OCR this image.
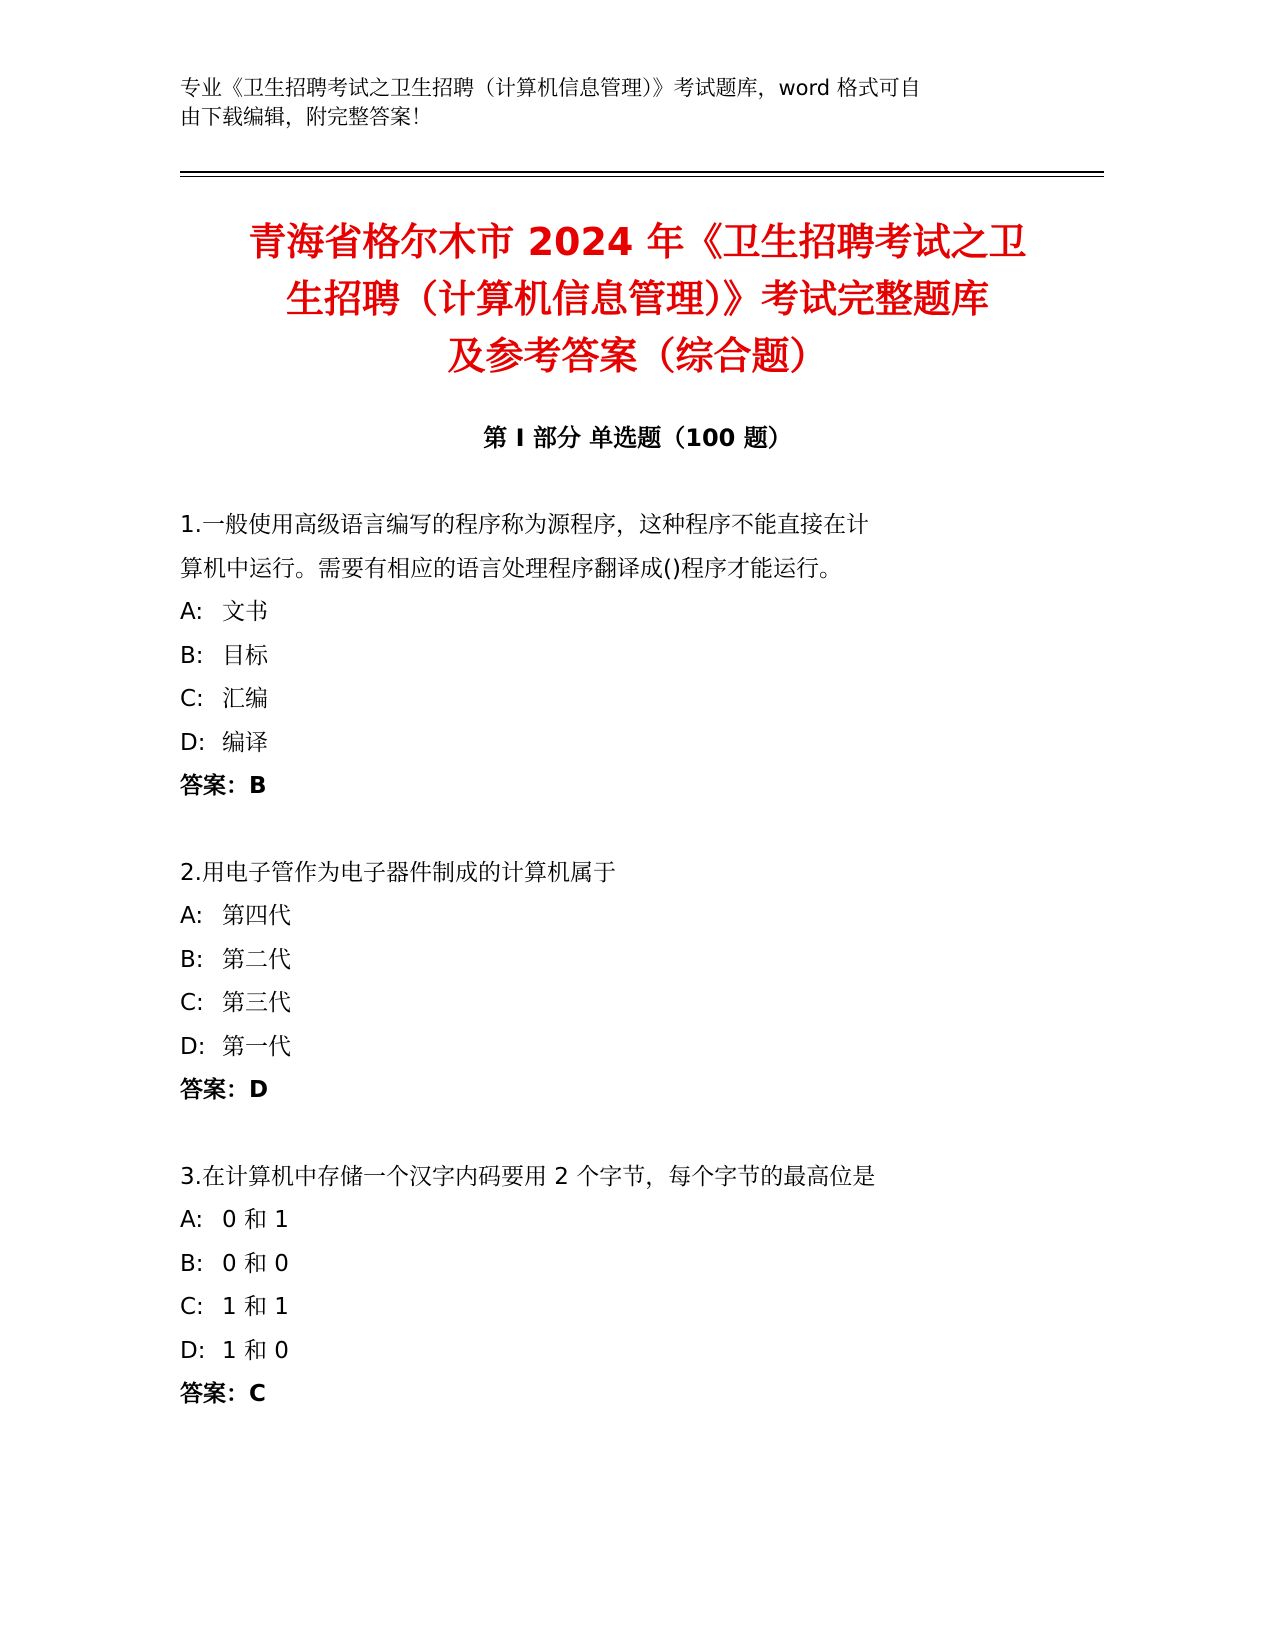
专业《卫生招聘考试之卫生招聘（计算机信息管理）》考试题库，word 格式可自
由下载编辑，附完整答案！
青海省格尔木市 2024 年《卫生招聘考试之卫
生招聘（计算机信息管理）》考试完整题库
及参考答案（综合题）
第 I 部分 单选题（100 题）
1.一般使用高级语言编写的程序称为源程序，这种程序不能直接在计
算机中运行。需要有相应的语言处理程序翻译成()程序才能运行。
A: 文书
B: 目标
C: 汇编
D: 编译
答案：B
2.用电子管作为电子器件制成的计算机属于
A: 第四代
B: 第二代
C: 第三代
D: 第一代
答案：D
3.在计算机中存储一个汉字内码要用 2 个字节，每个字节的最高位是
A: 0 和 1
B: 0 和 0
C: 1 和 1
D: 1 和 0
答案：C
